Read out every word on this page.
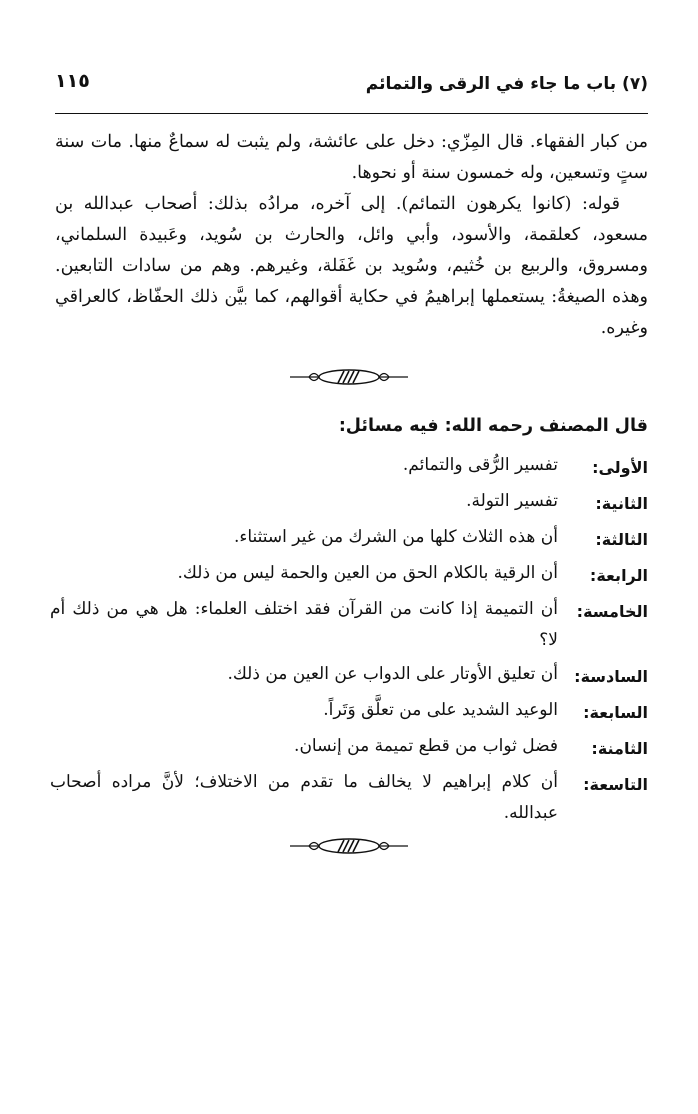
(٧) باب ما جاء في الرقى والتمائم
١١٥

من كبار الفقهاء. قال المِزّي: دخل على عائشة، ولم يثبت له سماعٌ منها. مات سنة ستٍ وتسعين، وله خمسون سنة أو نحوها.

قوله: (كانوا يكرهون التمائم). إلى آخره، مرادُه بذلك: أصحاب عبدالله بن مسعود، كعلقمة، والأسود، وأبي وائل، والحارث بن سُويد، وعَبيدة السلماني، ومسروق، والربيع بن خُثيم، وسُويد بن غَفَلة، وغيرهم. وهم من سادات التابعين. وهذه الصيغةُ: يستعملها إبراهيمُ في حكاية أقوالهم، كما بيَّن ذلك الحفّاظ، كالعراقي وغيره.

قال المصنف رحمه الله: فيه مسائل:
الأولى:
تفسير الرُّقى والتمائم.
الثانية:
تفسير التولة.
الثالثة:
أن هذه الثلاث كلها من الشرك من غير استثناء.
الرابعة:
أن الرقية بالكلام الحق من العين والحمة ليس من ذلك.
الخامسة:
أن التميمة إذا كانت من القرآن فقد اختلف العلماء: هل هي من ذلك أم لا؟
السادسة:
أن تعليق الأوتار على الدواب عن العين من ذلك.
السابعة:
الوعيد الشديد على من تعلَّق وَتَراً.
الثامنة:
فضل ثواب من قطع تميمة من إنسان.
التاسعة:
أن كلام إبراهيم لا يخالف ما تقدم من الاختلاف؛ لأنَّ مراده أصحاب عبدالله.
